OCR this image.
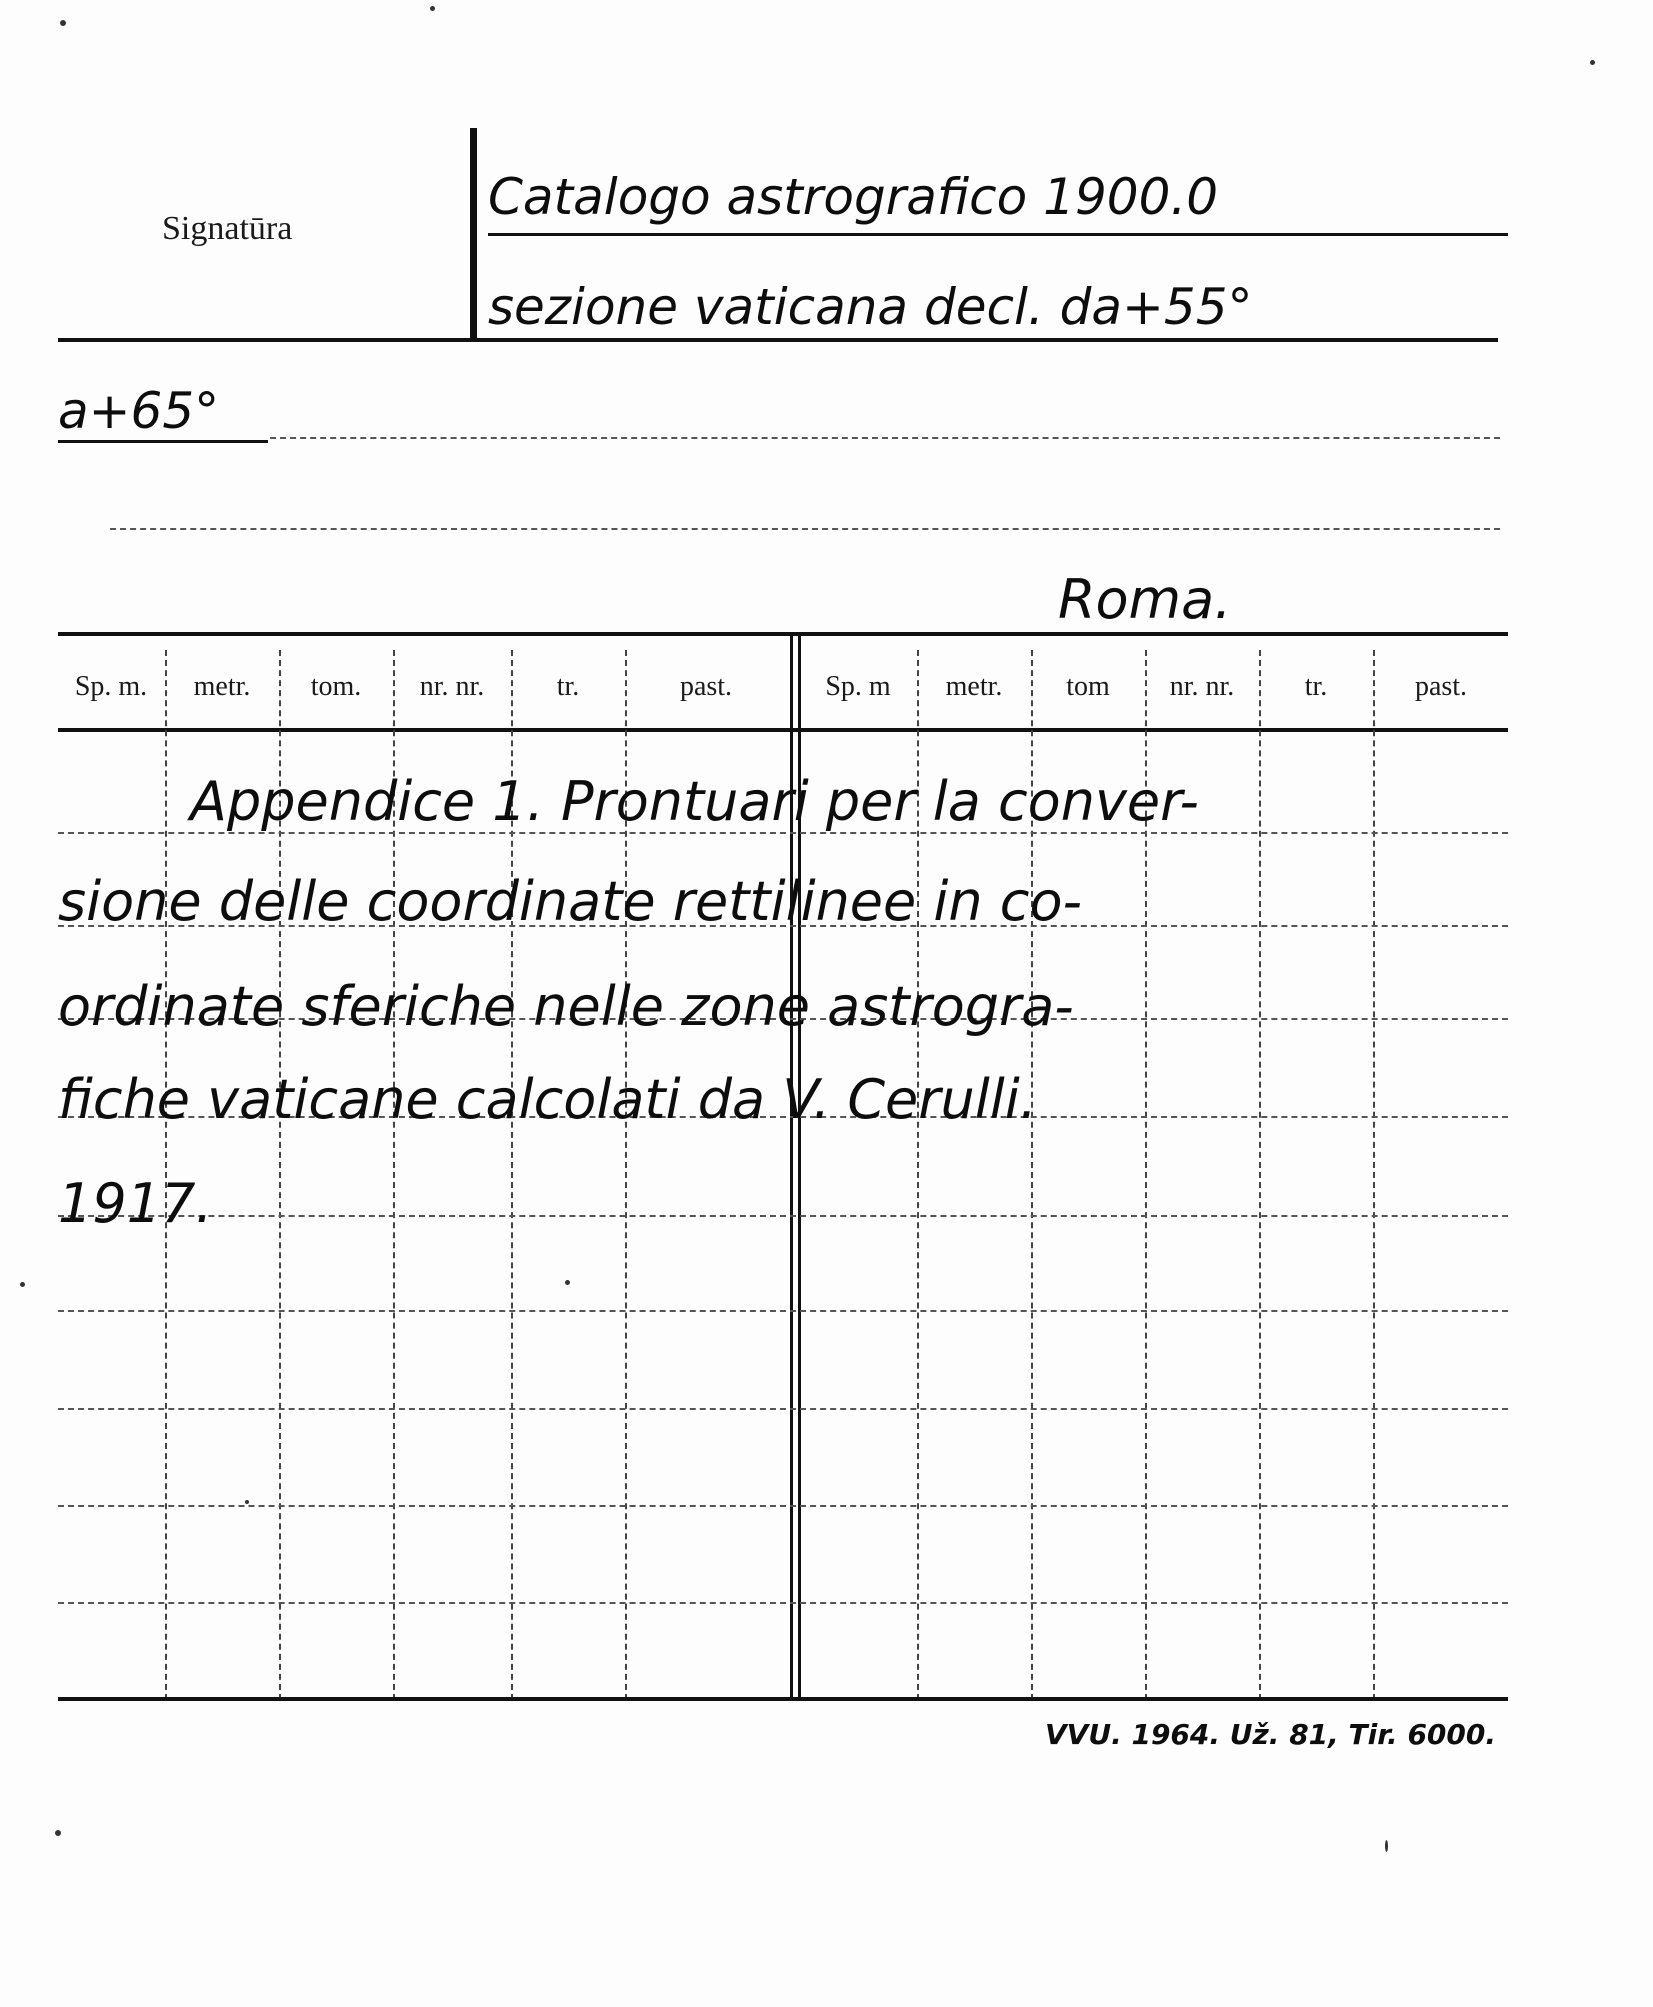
Signatūra
Catalogo astrografico 1900.0
sezione vaticana decl. da+55°
a+65°
Roma.
Sp. m.	metr.	tom.	nr. nr.	tr.	past.	Sp. m	metr.	tom	nr. nr.	tr.	past.
Appendice 1. Prontuari per la conver-
sione delle coordinate rettilinee in co-
ordinate sferiche nelle zone astrogra-
fiche vaticane calcolati da V. Cerulli.
1917.
VVU. 1964. Už. 81, Tir. 6000.
